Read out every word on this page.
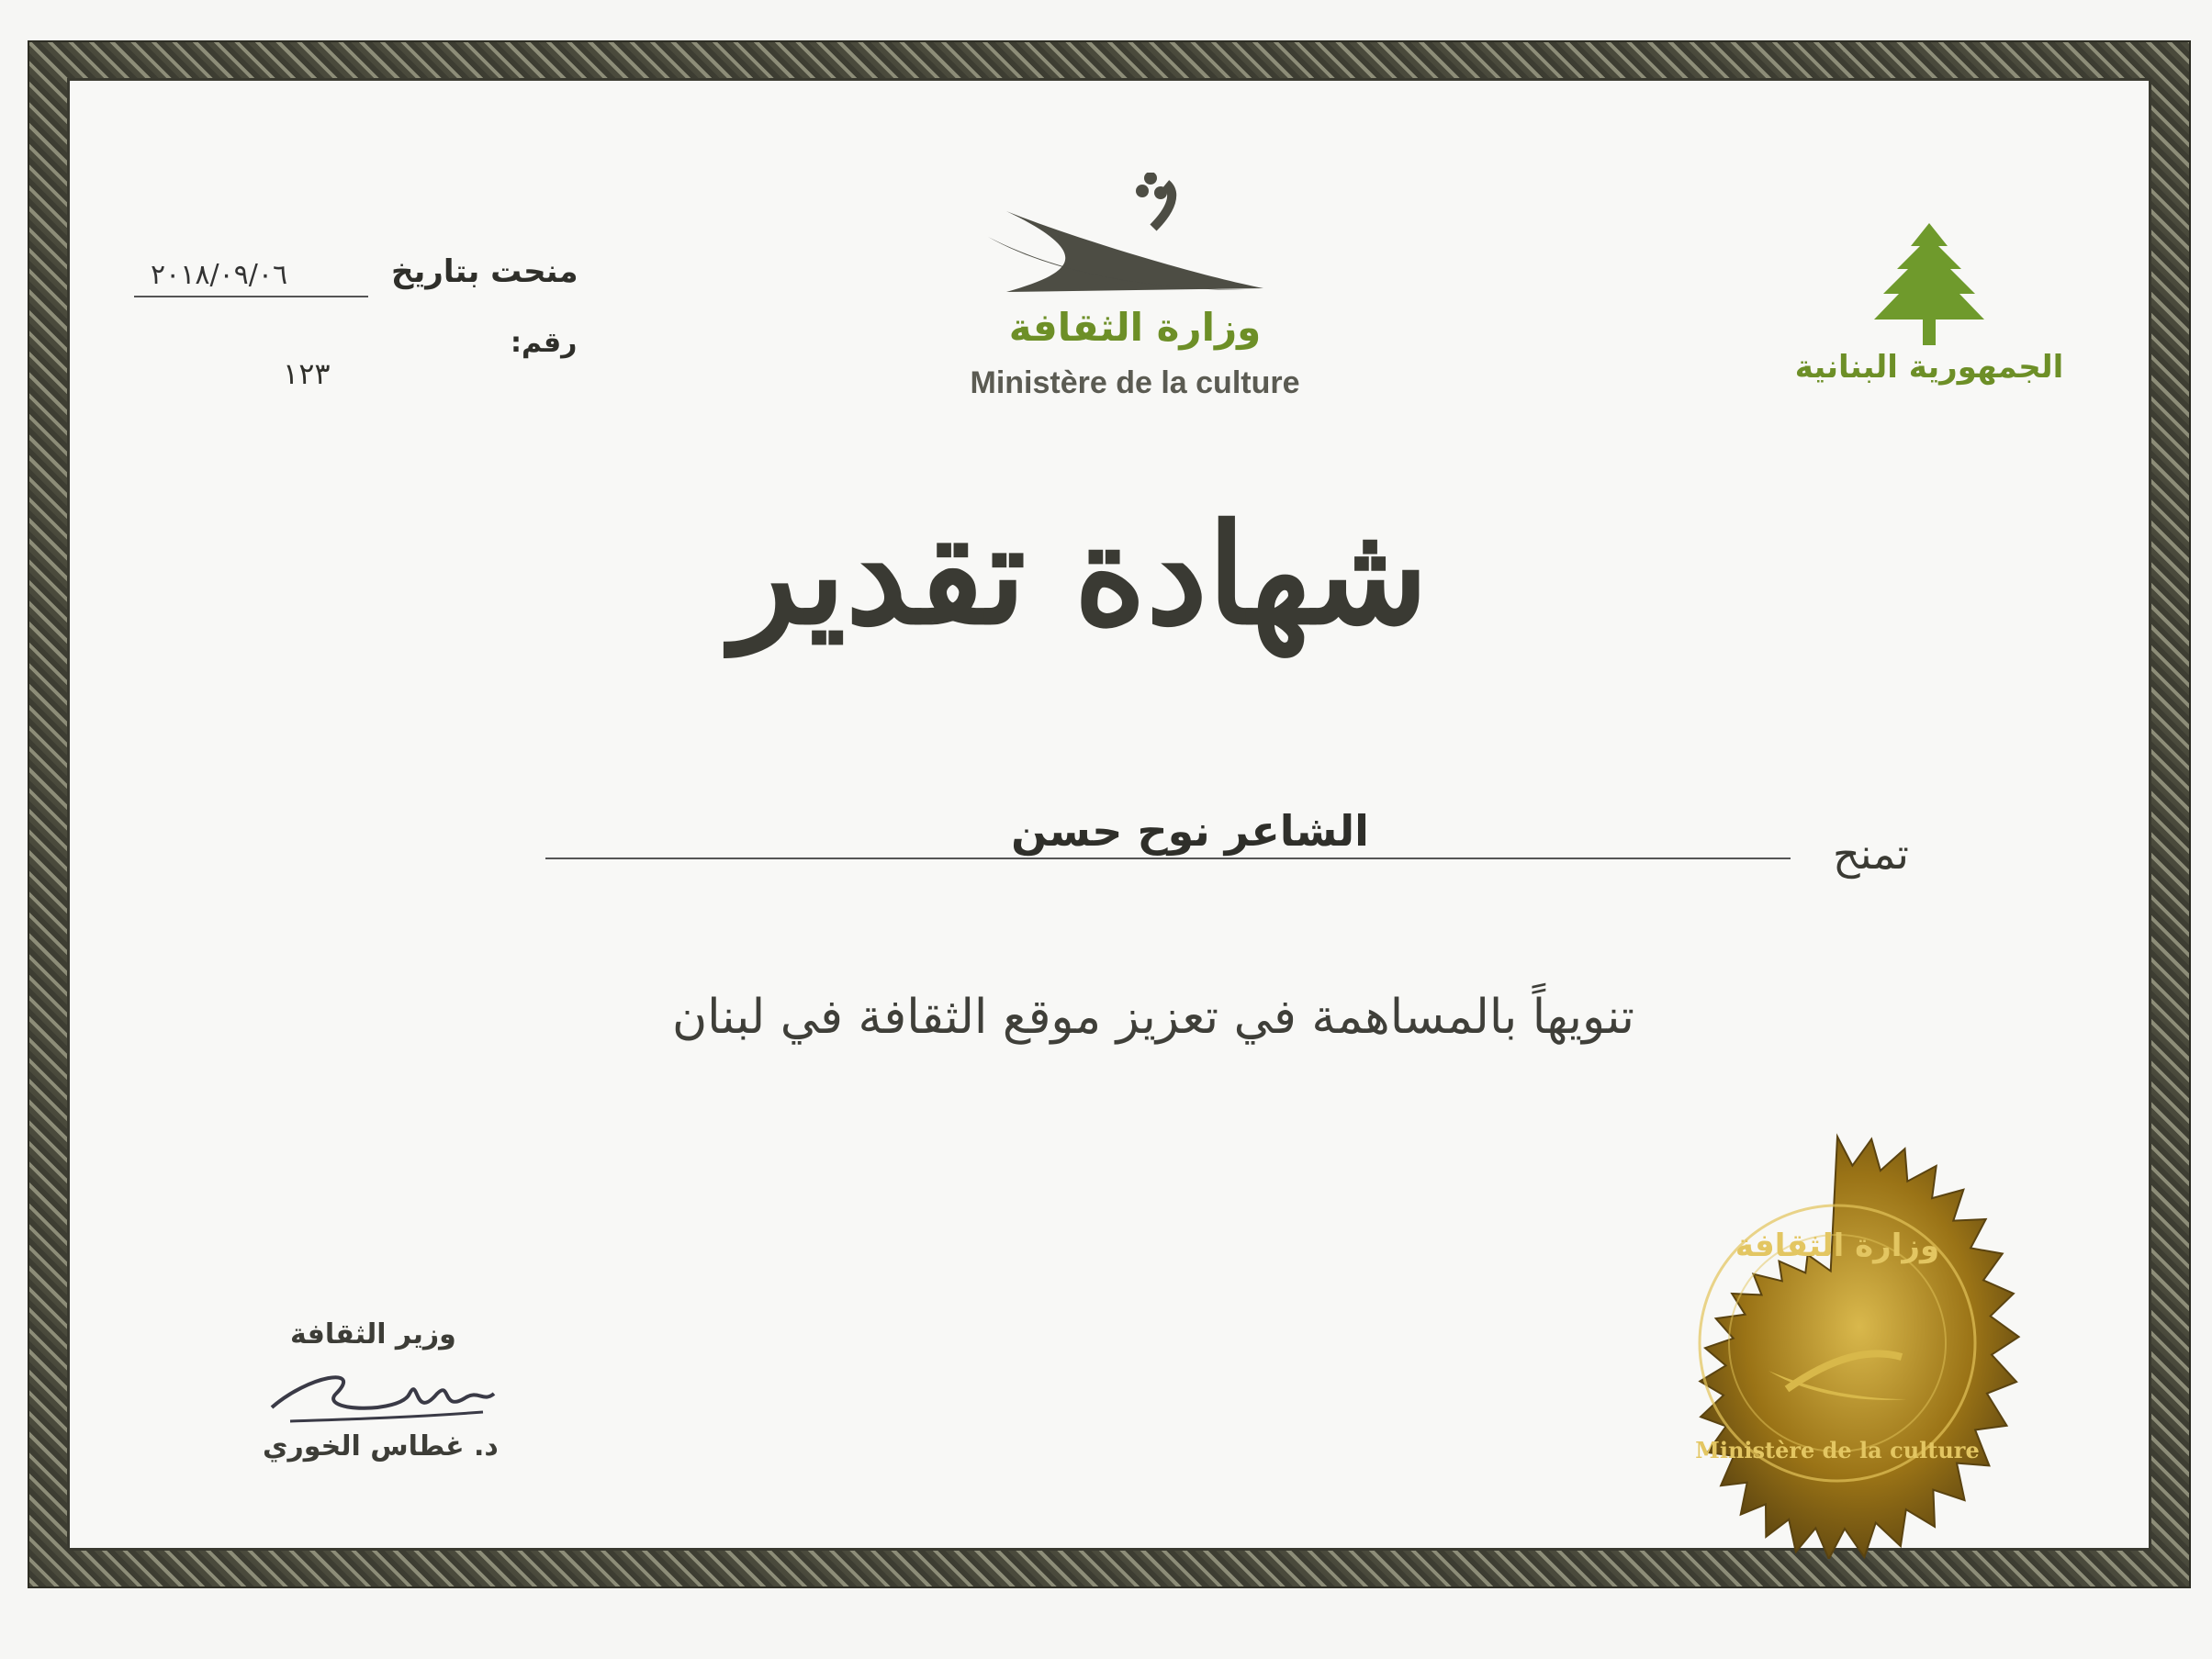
منحت بتاريخ
٢٠١٨/٠٩/٠٦
رقم:
١٢٣
وزارة الثقافة
Ministère de la culture	الجمهورية البنانية
شهادة تقدير
تمنح
الشاعر نوح حسن
تنويهاً بالمساهمة في تعزيز موقع الثقافة في لبنان
وزير الثقافة
د. غطاس الخوري
وزارة الثقافة
Ministère de la culture
